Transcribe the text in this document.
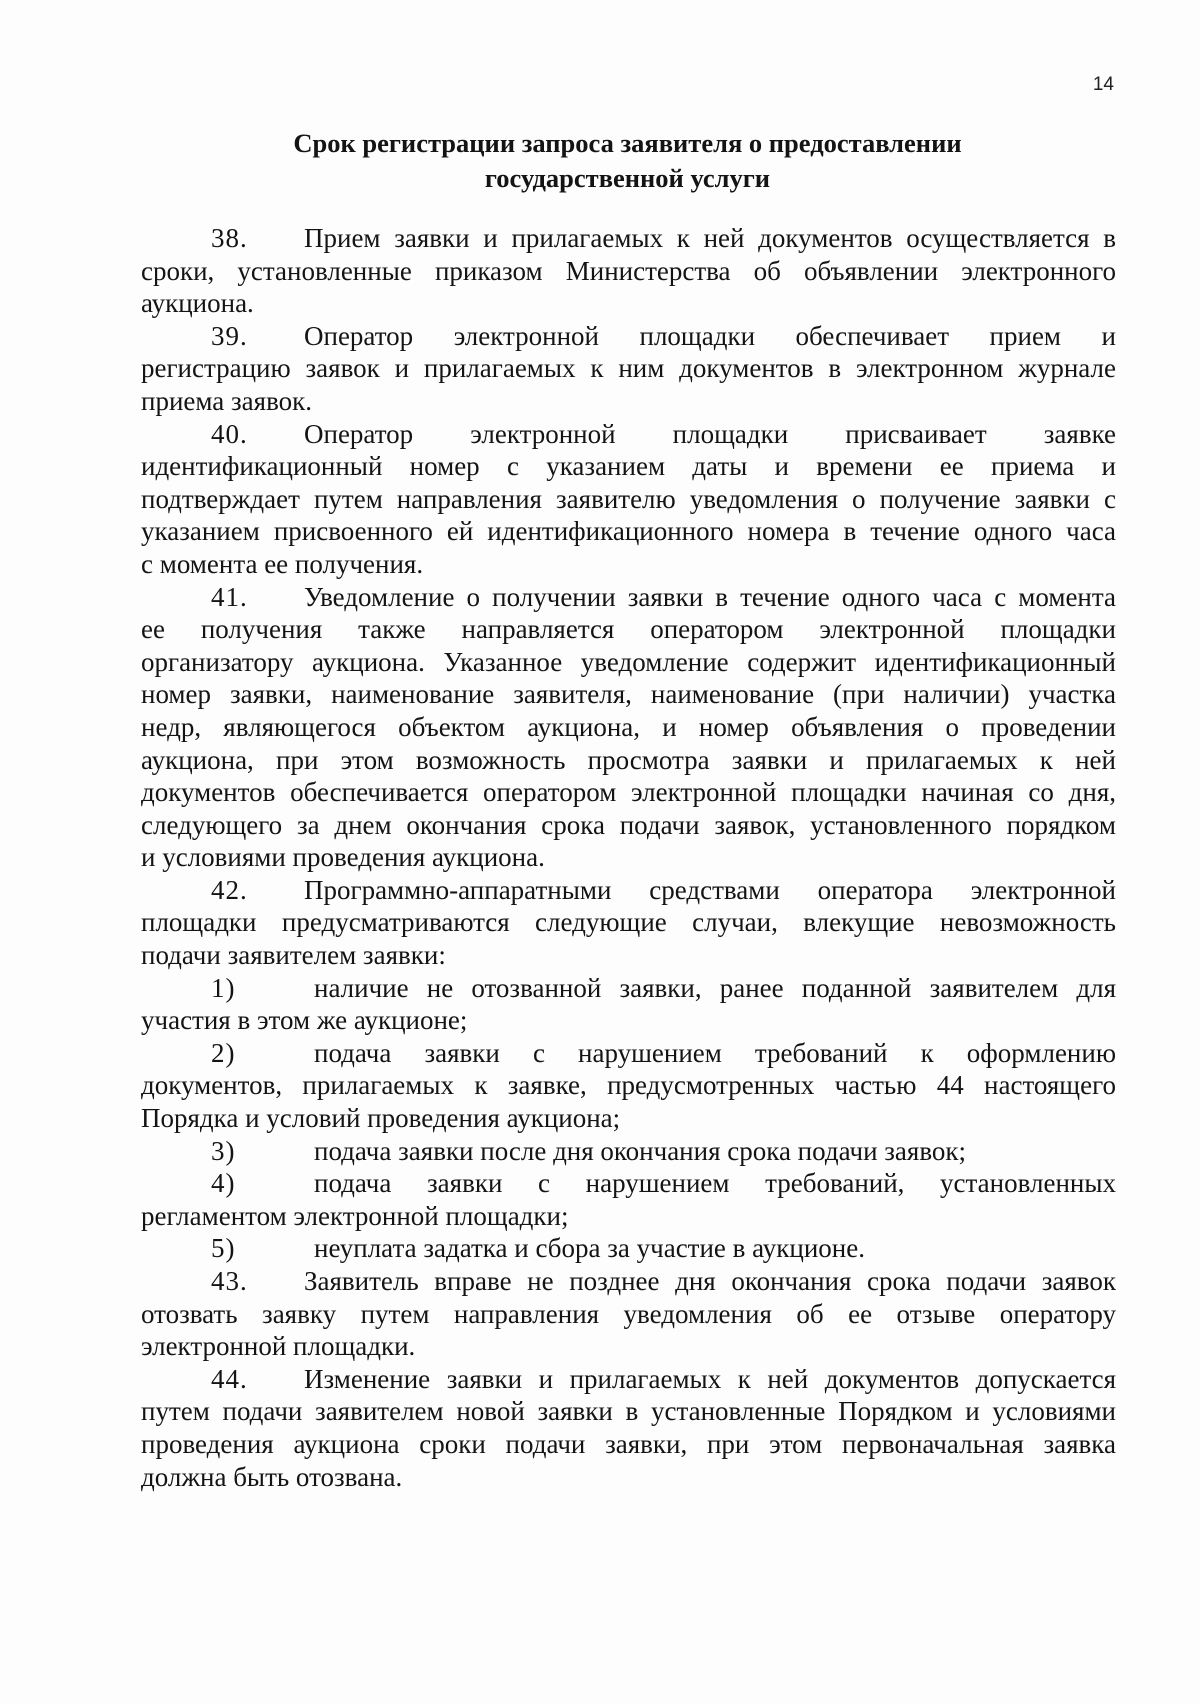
14
Срок регистрации запроса заявителя о предоставлении
государственной услуги
38. Прием заявки и прилагаемых к ней документов осуществляется в
сроки, установленные приказом Министерства об объявлении электронного
аукциона.
39. Оператор электронной площадки обеспечивает прием и
регистрацию заявок и прилагаемых к ним документов в электронном журнале
приема заявок.
40. Оператор электронной площадки присваивает заявке
идентификационный номер с указанием даты и времени ее приема и
подтверждает путем направления заявителю уведомления о получение заявки с
указанием присвоенного ей идентификационного номера в течение одного часа
с момента ее получения.
41. Уведомление о получении заявки в течение одного часа с момента
ее получения также направляется оператором электронной площадки
организатору аукциона. Указанное уведомление содержит идентификационный
номер заявки, наименование заявителя, наименование (при наличии) участка
недр, являющегося объектом аукциона, и номер объявления о проведении
аукциона, при этом возможность просмотра заявки и прилагаемых к ней
документов обеспечивается оператором электронной площадки начиная со дня,
следующего за днем окончания срока подачи заявок, установленного порядком
и условиями проведения аукциона.
42. Программно-аппаратными средствами оператора электронной
площадки предусматриваются следующие случаи, влекущие невозможность
подачи заявителем заявки:
1)	наличие не отозванной заявки, ранее поданной заявителем для
участия в этом же аукционе;
2)	подача заявки с нарушением требований к оформлению
документов, прилагаемых к заявке, предусмотренных частью 44 настоящего
Порядка и условий проведения аукциона;
3)	подача заявки после дня окончания срока подачи заявок;
4)	подача заявки с нарушением требований, установленных
регламентом электронной площадки;
5)	неуплата задатка и сбора за участие в аукционе.
43. Заявитель вправе не позднее дня окончания срока подачи заявок
отозвать заявку путем направления уведомления об ее отзыве оператору
электронной площадки.
44. Изменение заявки и прилагаемых к ней документов допускается
путем подачи заявителем новой заявки в установленные Порядком и условиями
проведения аукциона сроки подачи заявки, при этом первоначальная заявка
должна быть отозвана.
